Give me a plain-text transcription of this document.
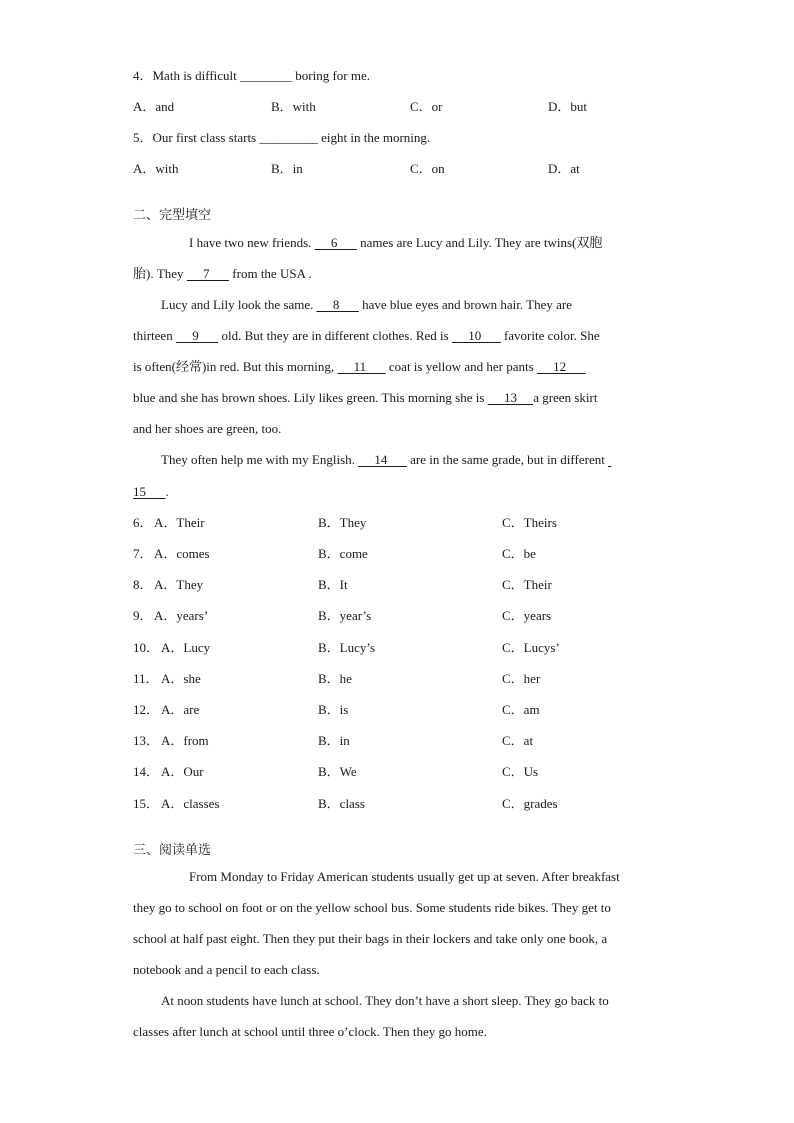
4．Math is difficult ________ boring for me.
A．and	B．with	C．or	D．but
5．Our first class starts _________ eight in the morning.
A．with	B．in	C．on	D．at
二、完型填空
I have two new friends.      6       names are Lucy and Lily. They are twins(双胞
胎). They      7       from the USA .
Lucy and Lily look the same.      8       have blue eyes and brown hair. They are
thirteen      9       old. But they are in different clothes. Red is      10       favorite color. She
is often(经常)in red. But this morning,      11       coat is yellow and her pants      12
blue and she has brown shoes. Lily likes green. This morning she is      13     a green skirt
and her shoes are green, too.
They often help me with my English.      14       are in the same grade, but in different
15      .
6． A．Their	B．They	C．Theirs
7． A．comes	B．come	C．be
8． A．They	B．It	C．Their
9． A．years’	B．year’s	C．years
10． A．Lucy	B．Lucy’s	C．Lucys’
11． A．she	B．he	C．her
12． A．are	B．is	C．am
13． A．from	B．in	C．at
14． A．Our	B．We	C．Us
15． A．classes	B．class	C．grades
三、阅读单选
From Monday to Friday American students usually get up at seven. After breakfast
they go to school on foot or on the yellow school bus. Some students ride bikes. They get to
school at half past eight. Then they put their bags in their lockers and take only one book, a
notebook and a pencil to each class.
At noon students have lunch at school. They don’t have a short sleep. They go back to
classes after lunch at school until three o’clock. Then they go home.
